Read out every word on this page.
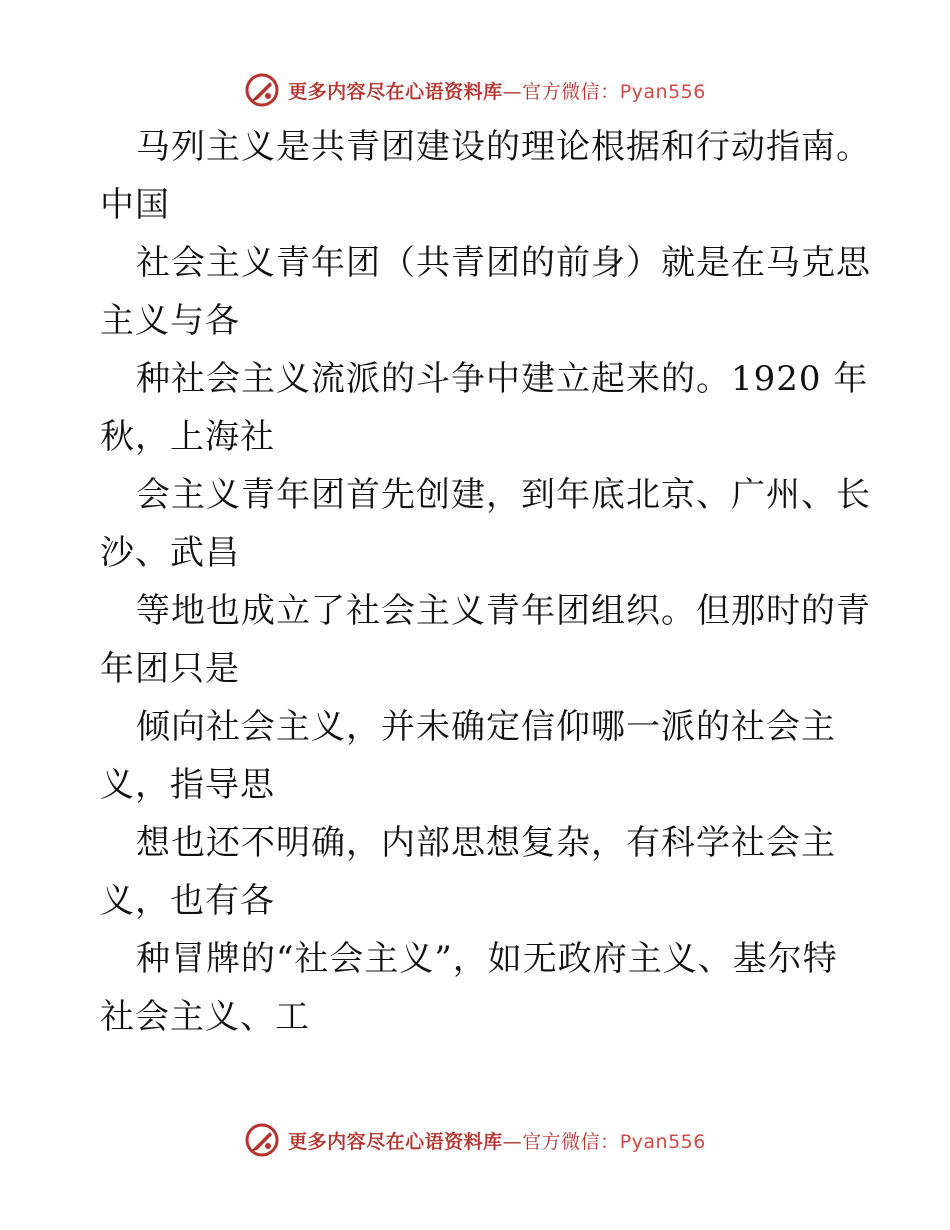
更多内容尽在心语资料库—官方微信：Pyan556
马列主义是共青团建设的理论根据和行动指南。
中国
社会主义青年团（共青团的前身）就是在马克思
主义与各
种社会主义流派的斗争中建立起来的。1920 年
秋，上海社
会主义青年团首先创建，到年底北京、广州、长
沙、武昌
等地也成立了社会主义青年团组织。但那时的青
年团只是
倾向社会主义，并未确定信仰哪一派的社会主
义，指导思
想也还不明确，内部思想复杂，有科学社会主
义，也有各
种冒牌的“社会主义”，如无政府主义、基尔特
社会主义、工
更多内容尽在心语资料库—官方微信：Pyan556
